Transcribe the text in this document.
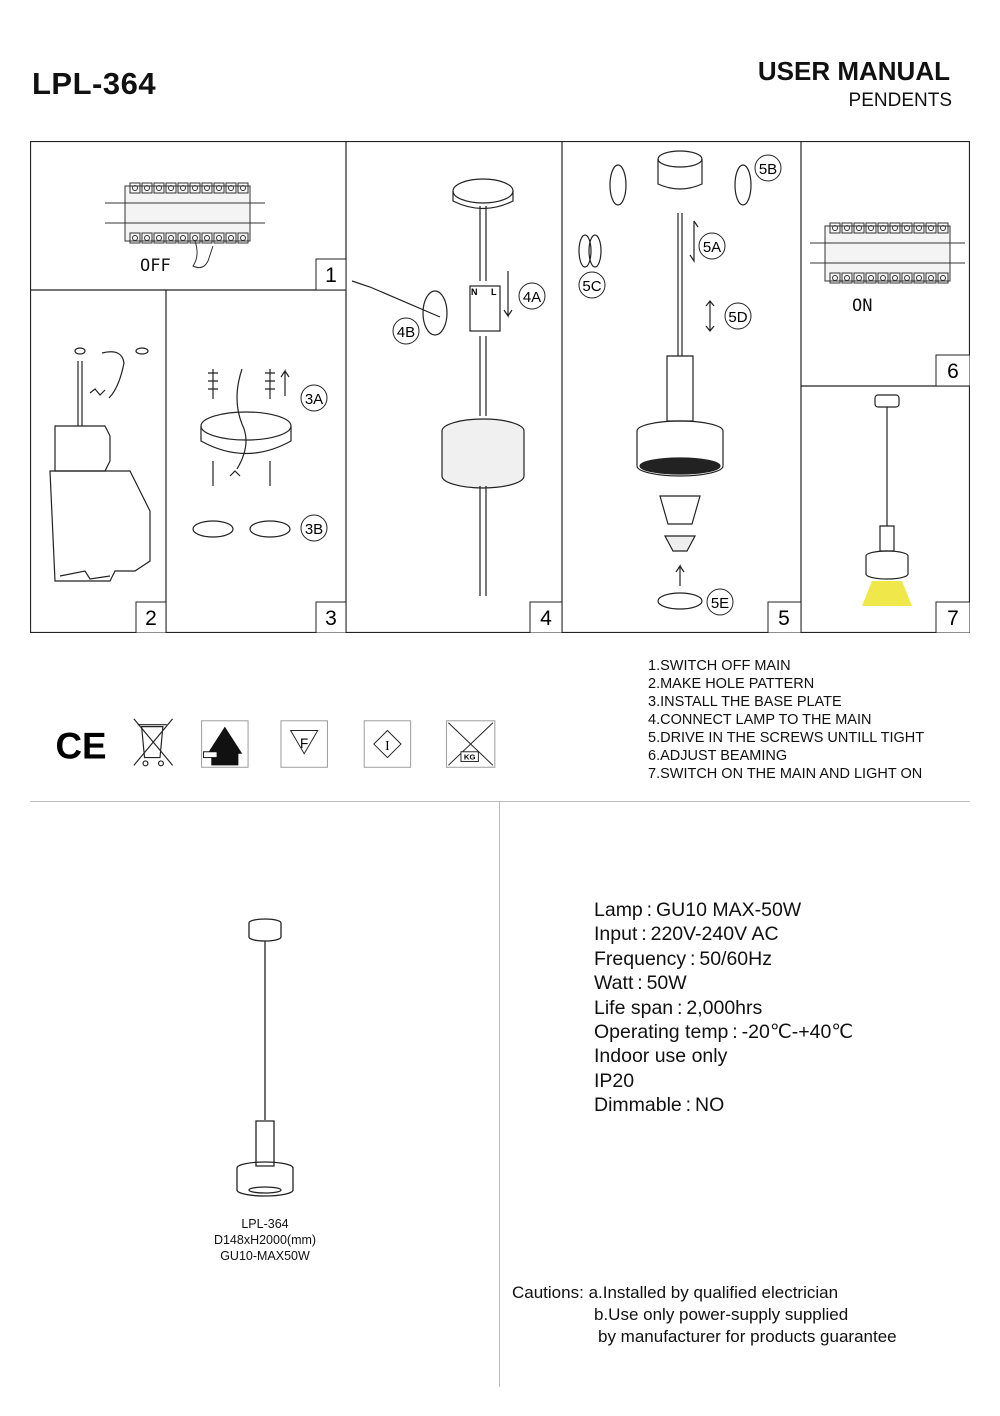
LPL-364	USER MANUAL
PENDENTS
OFF
3A
3B
N L 4A
4B
5A
5B
5C
5D
5E
ON
1
2	3	4	5
6
7
CE	F	I
KG
1.SWITCH OFF MAIN
2.MAKE HOLE PATTERN
3.INSTALL THE BASE PLATE
4.CONNECT LAMP TO THE MAIN
5.DRIVE IN THE SCREWS UNTILL TIGHT
6.ADJUST BEAMING
7.SWITCH ON THE MAIN AND LIGHT ON
LPL-364
D148xH2000(mm)
GU10-MAX50W
Lamp : GU10 MAX-50W
Input : 220V-240V AC
Frequency : 50/60Hz
Watt : 50W
Life span : 2,000hrs
Operating temp : -20℃-+40℃
Indoor use only
IP20
Dimmable : NO
Cautions: a.Installed by qualified electrician
b.Use only power-supply supplied
by manufacturer for products guarantee
